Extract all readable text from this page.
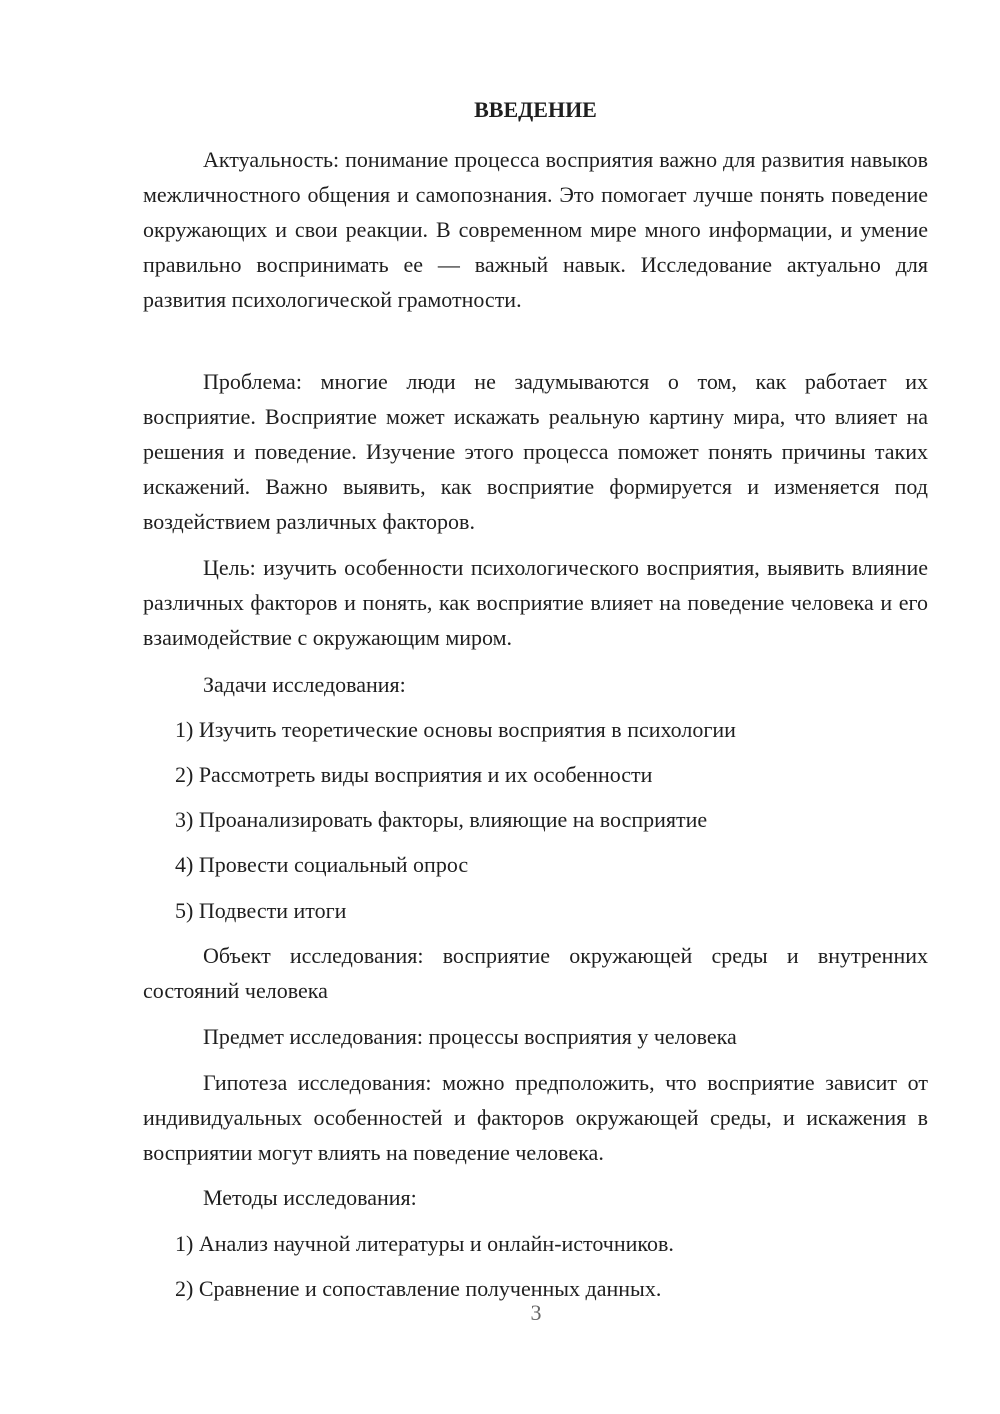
ВВЕДЕНИЕ

Актуальность: понимание процесса восприятия важно для развития навыков межличностного общения и самопознания. Это помогает лучше понять поведение окружающих и свои реакции. В современном мире много информации, и умение правильно воспринимать ее — важный навык. Исследование актуально для развития психологической грамотности.

Проблема: многие люди не задумываются о том, как работает их восприятие. Восприятие может искажать реальную картину мира, что влияет на решения и поведение. Изучение этого процесса поможет понять причины таких искажений. Важно выявить, как восприятие формируется и изменяется под воздействием различных факторов.

Цель: изучить особенности психологического восприятия, выявить влияние различных факторов и понять, как восприятие влияет на поведение человека и его взаимодействие с окружающим миром.

Задачи исследования:

1) Изучить теоретические основы восприятия в психологии

2) Рассмотреть виды восприятия и их особенности

3) Проанализировать факторы, влияющие на восприятие

4) Провести социальный опрос

5) Подвести итоги

Объект исследования: восприятие окружающей среды и внутренних состояний человека

Предмет исследования: процессы восприятия у человека

Гипотеза исследования: можно предположить, что восприятие зависит от индивидуальных особенностей и факторов окружающей среды, и искажения в восприятии могут влиять на поведение человека.

Методы исследования:

1) Анализ научной литературы и онлайн-источников.

2) Сравнение и сопоставление полученных данных.

3
